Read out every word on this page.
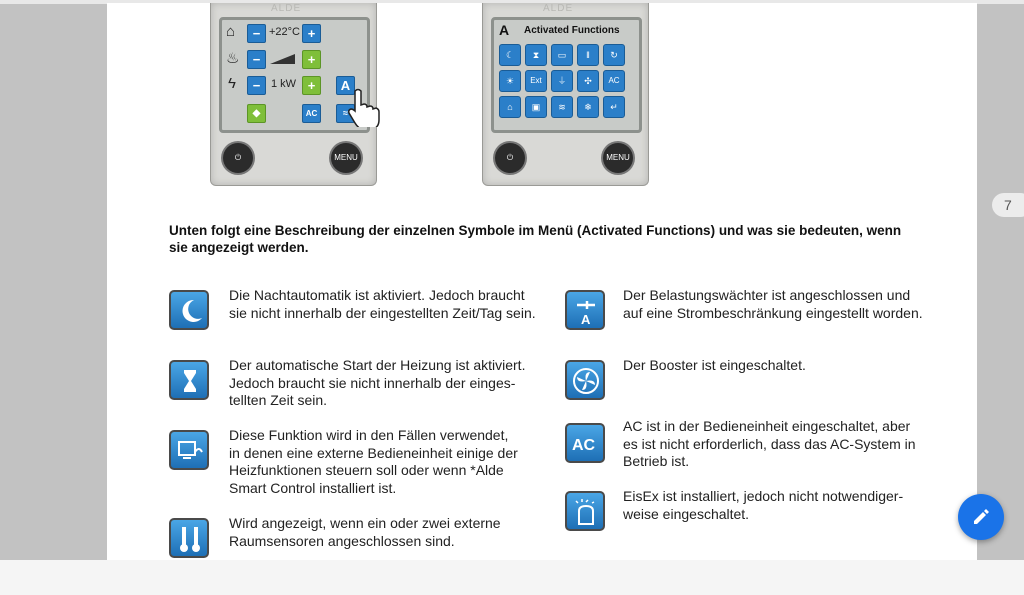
ALDE
⌂	− +22°C +
♨	−	+
ϟ	− 1 kW +	A
◆	AC	≈
⏻	MENU
ALDE
A Activated Functions
☾	⧗	▭	‖	↻
☀	Ext	⏚	✣	AC
⌂	▣	≋	❄	↵
⏻	MENU
Unten folgt eine Beschreibung der einzelnen Symbole im Menü (Activated Functions) und was sie bedeuten, wenn sie angezeigt werden.
Die Nachtautomatik ist aktiviert. Jedoch braucht
sie nicht innerhalb der eingestellten Zeit/Tag sein.
Der automatische Start der Heizung ist aktiviert.
Jedoch braucht sie nicht innerhalb der einges-
tellten Zeit sein.
Diese Funktion wird in den Fällen verwendet,
in denen eine externe Bedieneinheit einige der
Heizfunktionen steuern soll oder wenn *Alde
Smart Control installiert ist.
Wird angezeigt, wenn ein oder zwei externe
Raumsensoren angeschlossen sind.
A
Der Belastungswächter ist angeschlossen und
auf eine Strombeschränkung eingestellt worden.
Der Booster ist eingeschaltet.
AC
AC ist in der Bedieneinheit eingeschaltet, aber
es ist nicht erforderlich, dass das AC-System in
Betrieb ist.
EisEx ist installiert, jedoch nicht notwendiger-
weise eingeschaltet.
7
